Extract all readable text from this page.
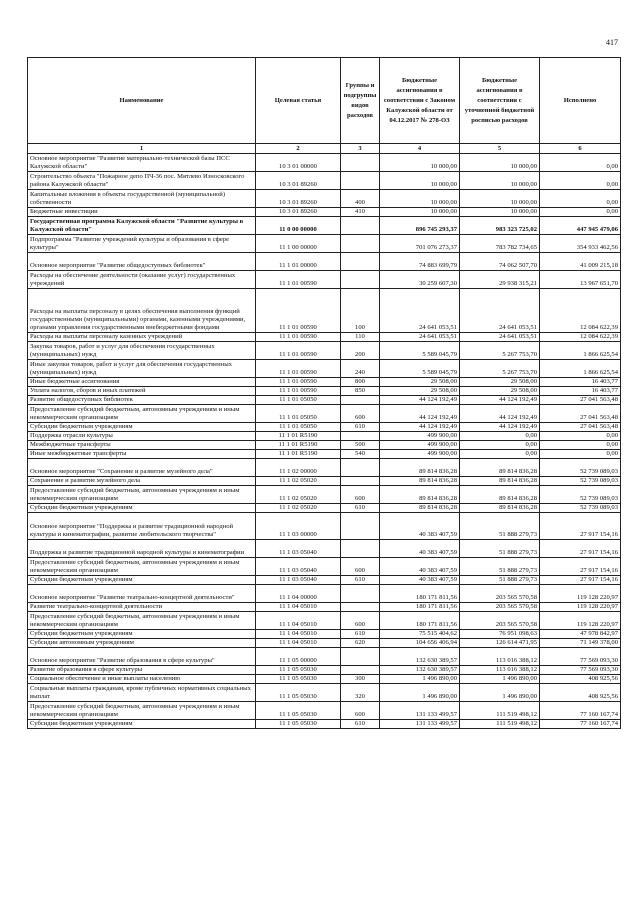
417
Наименование	Целевая статья	Группы и подгруппы видов расходов	Бюджетные ассигнования в соответствии с Законом Калужской области от 04.12.2017 № 278-ОЗ	Бюджетные ассигнования в соответствии с уточненной бюджетной росписью расходов	Исполнено
1	2	3	4	5	6
Основное мероприятие "Развитие материально-технической базы ПСС Калужской области"	10 3 01 00000		10 000,00	10 000,00	0,00
Строительство объекта "Пожарное депо ПЧ-36 пос. Мятлево Износковского района Калужской области"	10 3 01 89260		10 000,00	10 000,00	0,00
Капитальные вложения в объекты государственной (муниципальной) собственности	10 3 01 89260	400	10 000,00	10 000,00	0,00
Бюджетные инвестиции	10 3 01 89260	410	10 000,00	10 000,00	0,00
Государственная программа Калужской области "Развитие культуры в Калужской области"	11 0 00 00000		896 745 293,37	983 323 725,02	447 945 479,06
Подпрограмма "Развитие учреждений культуры и образования в сфере культуры"	11 1 00 00000		701 076 273,37	783 782 734,65	354 933 462,56
Основное мероприятие "Развитие общедоступных библиотек"	11 1 01 00000		74 883 699,79	74 062 507,70	41 009 215,18
Расходы на обеспечение деятельности (оказание услуг) государственных учреждений	11 1 01 00590		30 259 607,30	29 938 315,21	13 967 651,70
Расходы на выплаты персоналу в целях обеспечения выполнения функций государственными (муниципальными) органами, казенными учреждениями, органами управления государственными внебюджетными фондами	11 1 01 00590	100	24 641 053,51	24 641 053,51	12 084 622,39
Расходы на выплаты персоналу казенных учреждений	11 1 01 00590	110	24 641 053,51	24 641 053,51	12 084 622,39
Закупка товаров, работ и услуг для обеспечения государственных (муниципальных) нужд	11 1 01 00590	200	5 589 045,79	5 267 753,70	1 866 625,54
Иные закупки товаров, работ и услуг для обеспечения государственных (муниципальных) нужд	11 1 01 00590	240	5 589 045,79	5 267 753,70	1 866 625,54
Иные бюджетные ассигнования	11 1 01 00590	800	29 508,00	29 508,00	16 403,77
Уплата налогов, сборов и иных платежей	11 1 01 00590	850	29 508,00	29 508,00	16 403,77
Развитие общедоступных библиотек	11 1 01 05050		44 124 192,49	44 124 192,49	27 041 563,48
Предоставление субсидий бюджетным, автономным учреждениям и иным некоммерческим организациям	11 1 01 05050	600	44 124 192,49	44 124 192,49	27 041 563,48
Субсидии бюджетным учреждениям	11 1 01 05050	610	44 124 192,49	44 124 192,49	27 041 563,48
Поддержка отрасли культуры	11 1 01 R5190		499 900,00	0,00	0,00
Межбюджетные трансферты	11 1 01 R5190	500	499 900,00	0,00	0,00
Иные межбюджетные трансферты	11 1 01 R5190	540	499 900,00	0,00	0,00
Основное мероприятие "Сохранение и развитие музейного дела"	11 1 02 00000		89 814 836,28	89 814 836,28	52 739 089,03
Сохранение и развитие музейного дела	11 1 02 05020		89 814 836,28	89 814 836,28	52 739 089,03
Предоставление субсидий бюджетным, автономным учреждениям и иным некоммерческим организациям	11 1 02 05020	600	89 814 836,28	89 814 836,28	52 739 089,03
Субсидии бюджетным учреждениям	11 1 02 05020	610	89 814 836,28	89 814 836,28	52 739 089,03
Основное мероприятие "Поддержка и развитие традиционной народной культуры и кинематографии, развитие любительского творчества"	11 1 03 00000		40 383 407,59	51 888 279,73	27 917 154,16
Поддержка и развитие традиционной народной культуры и кинематографии	11 1 03 05040		40 383 407,59	51 888 279,73	27 917 154,16
Предоставление субсидий бюджетным, автономным учреждениям и иным некоммерческим организациям	11 1 03 05040	600	40 383 407,59	51 888 279,73	27 917 154,16
Субсидии бюджетным учреждениям	11 1 03 05040	610	40 383 407,59	51 888 279,73	27 917 154,16
Основное мероприятие "Развитие театрально-концертной деятельности"	11 1 04 00000		180 171 811,56	203 565 570,58	119 128 220,97
Развитие театрально-концертной деятельности	11 1 04 05010		180 171 811,56	203 565 570,58	119 128 220,97
Предоставление субсидий бюджетным, автономным учреждениям и иным некоммерческим организациям	11 1 04 05010	600	180 171 811,56	203 565 570,58	119 128 220,97
Субсидии бюджетным учреждениям	11 1 04 05010	610	75 515 404,62	76 951 098,63	47 978 842,97
Субсидии автономным учреждениям	11 1 04 05010	620	104 656 406,94	126 614 471,95	71 149 378,00
Основное мероприятие "Развитие образования в сфере культуры"	11 1 05 00000		132 630 389,57	113 016 388,12	77 569 093,30
Развитие образования в сфере культуры	11 1 05 05030		132 630 389,57	113 016 388,12	77 569 093,30
Социальное обеспечение и иные выплаты населению	11 1 05 05030	300	1 496 890,00	1 496 890,00	408 925,56
Социальные выплаты гражданам, кроме публичных нормативных социальных выплат	11 1 05 05030	320	1 496 890,00	1 496 890,00	408 925,56
Предоставление субсидий бюджетным, автономным учреждениям и иным некоммерческим организациям	11 1 05 05030	600	131 133 499,57	111 519 498,12	77 160 167,74
Субсидии бюджетным учреждениям	11 1 05 05030	610	131 133 499,57	111 519 498,12	77 160 167,74
